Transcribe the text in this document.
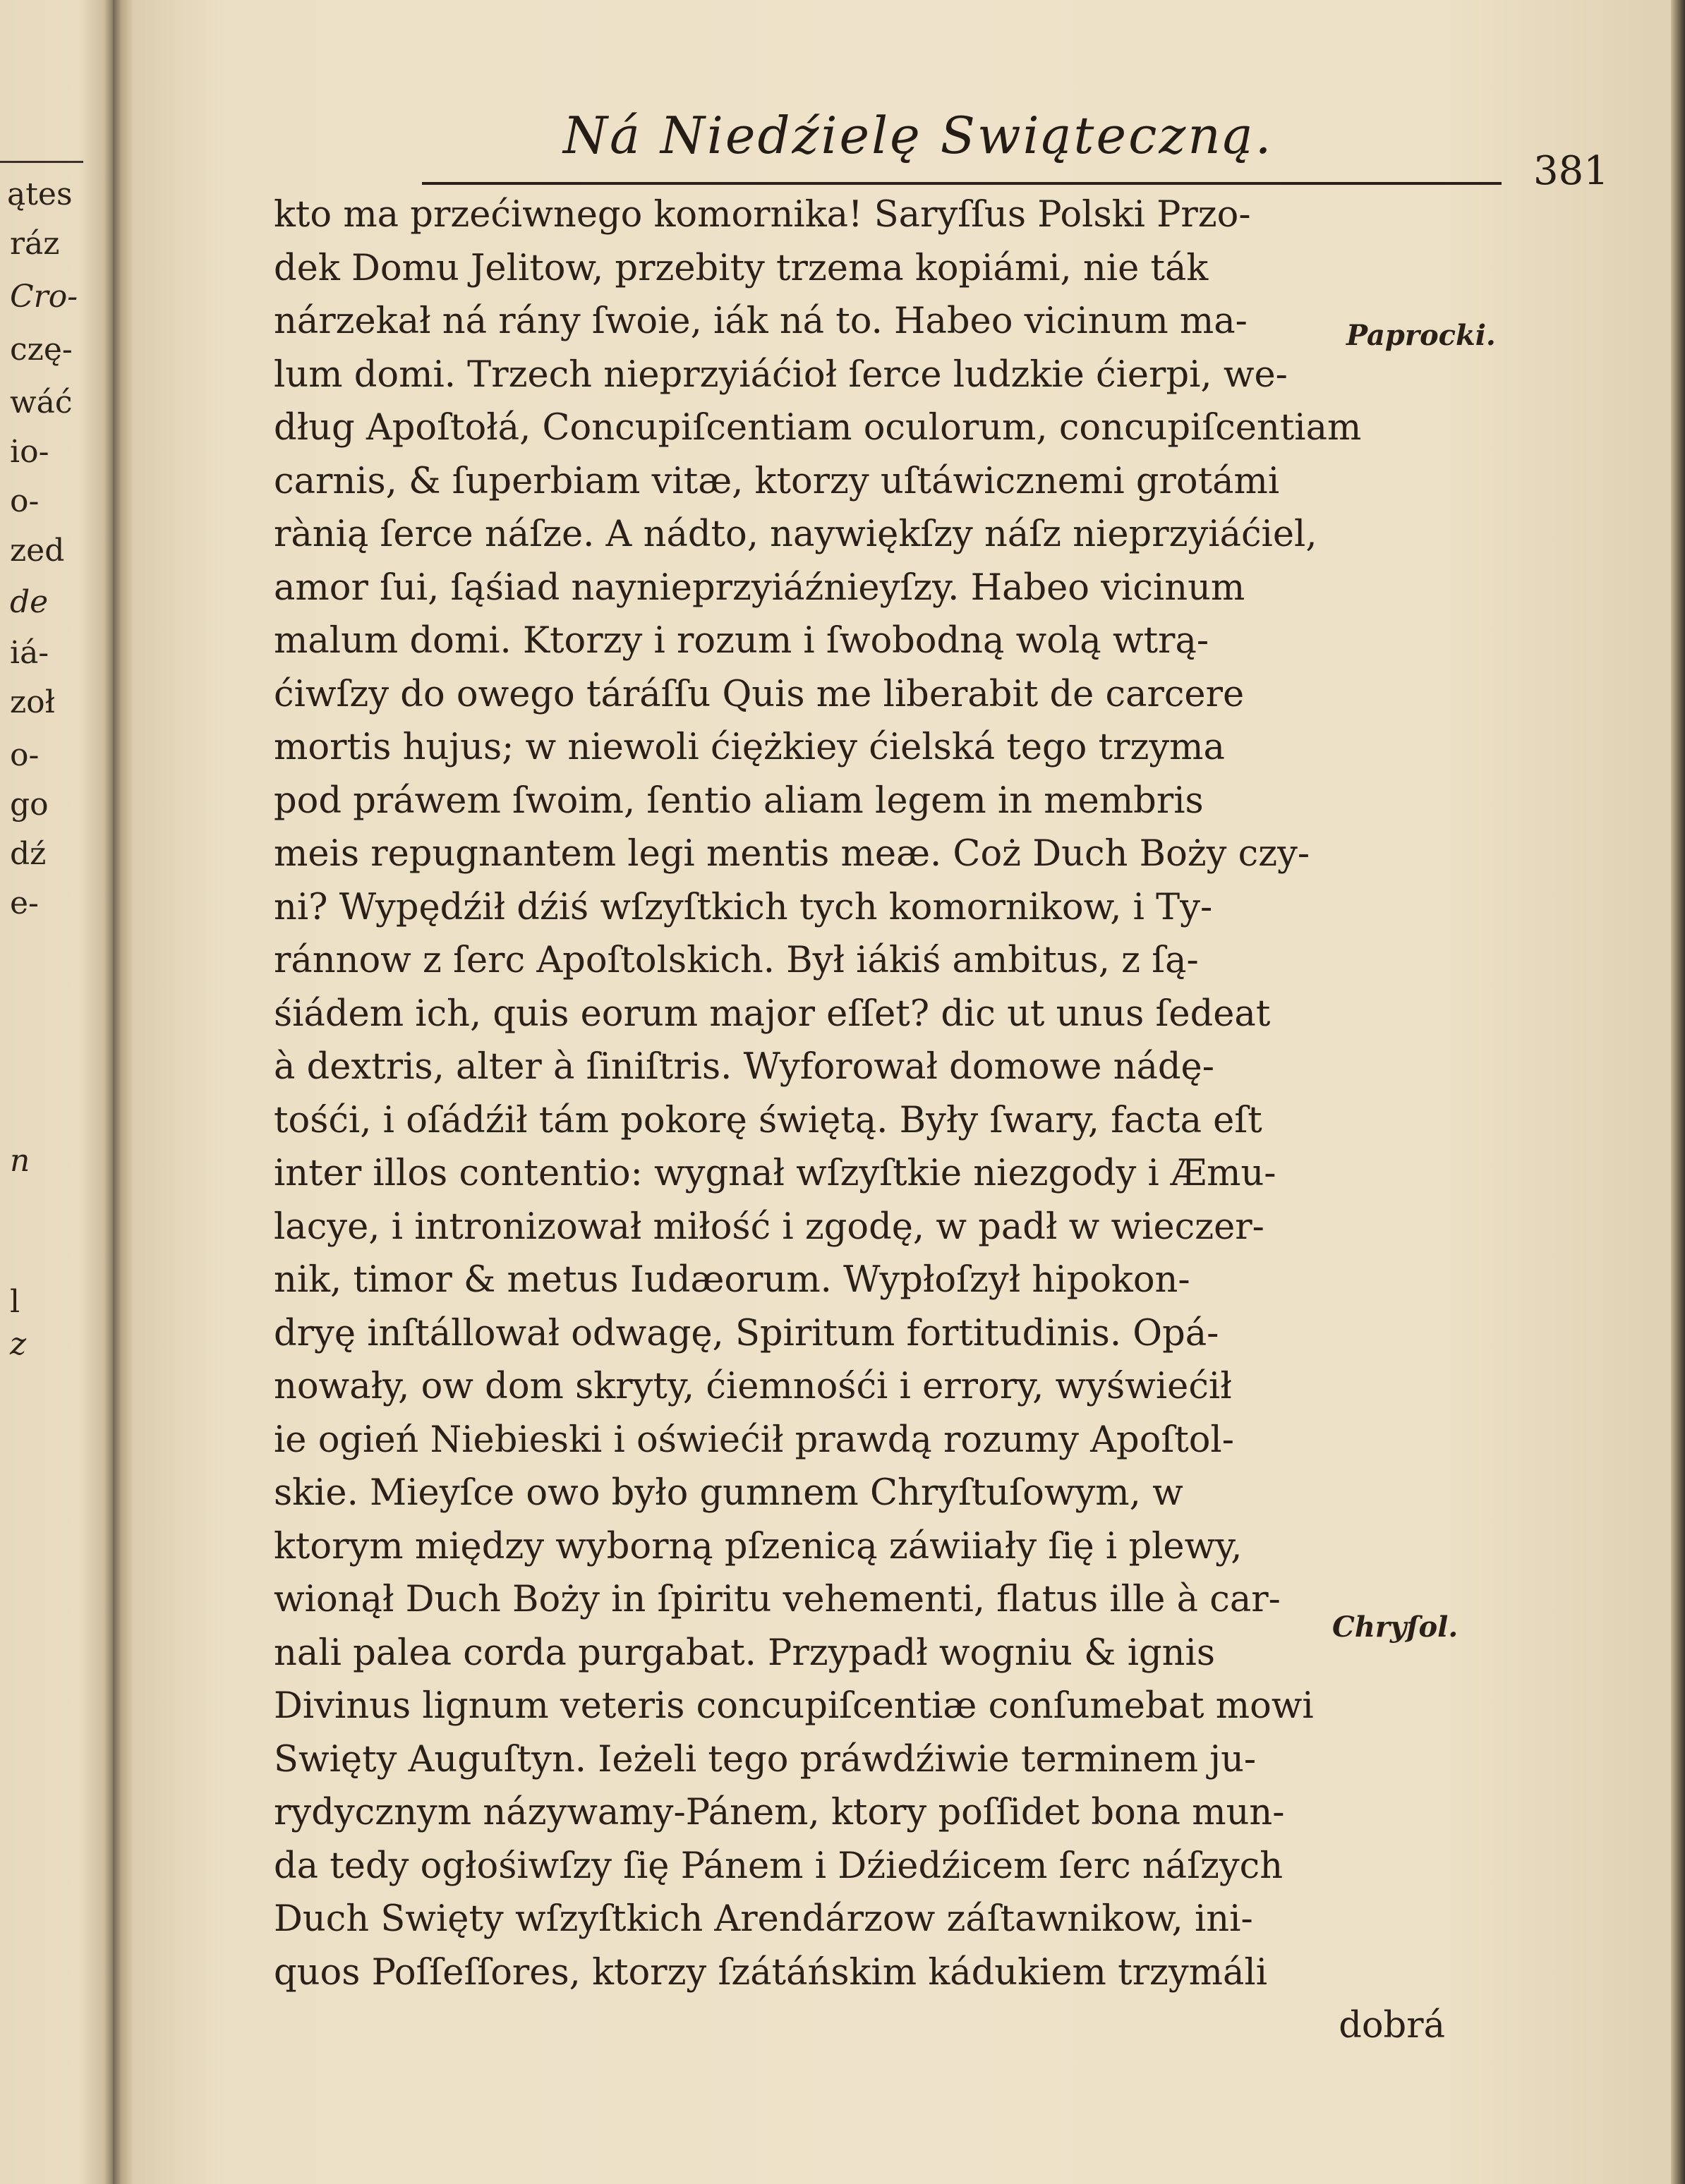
ątes
ráz
Cro-
czę-
wáć
io-
o-
zed
de
iá-
zoł
o-
go
dź
e-
n
l
z
Ná Niedźielę Swiąteczną.
381
kto ma przećiwnego komornika! Saryſſus Polski Przo-
dek Domu Jelitow, przebity trzema kopiámi, nie ták
nárzekał ná rány ſwoie, iák ná to. Habeo vicinum ma-
lum domi. Trzech nieprzyiáćioł ſerce ludzkie ćierpi, we-
dług Apoſtołá, Concupiſcentiam oculorum, concupiſcentiam
carnis, & ſuperbiam vitæ, ktorzy uſtáwicznemi grotámi
rànią ſerce náſze. A nádto, naywiękſzy náſz nieprzyiáćiel,
amor ſui, ſąśiad naynieprzyiáźnieyſzy. Habeo vicinum
malum domi. Ktorzy i rozum i ſwobodną wolą wtrą-
ćiwſzy do owego táráſſu Quis me liberabit de carcere
mortis hujus; w niewoli ćiężkiey ćielská tego trzyma
pod práwem ſwoim, ſentio aliam legem in membris
meis repugnantem legi mentis meæ. Coż Duch Boży czy-
ni? Wypędźił dźiś wſzyſtkich tych komornikow, i Ty-
ránnow z ſerc Apoſtolskich. Był iákiś ambitus, z ſą-
śiádem ich, quis eorum major eſſet? dic ut unus ſedeat
à dextris, alter à ſiniſtris. Wyforował domowe nádę-
tośći, i oſádźił tám pokorę świętą. Były ſwary, facta eſt
inter illos contentio: wygnał wſzyſtkie niezgody i Æmu-
lacye, i intronizował miłość i zgodę, w padł w wieczer-
nik, timor & metus Iudæorum. Wypłoſzył hipokon-
dryę inſtállował odwagę, Spiritum fortitudinis. Opá-
nowały, ow dom skryty, ćiemnośći i errory, wyświećił
ie ogień Niebieski i oświećił prawdą rozumy Apoſtol-
skie. Mieyſce owo było gumnem Chryſtuſowym, w
ktorym między wyborną pſzenicą záwiiały ſię i plewy,
wionął Duch Boży in ſpiritu vehementi, flatus ille à car-
nali palea corda purgabat. Przypadł wogniu & ignis
Divinus lignum veteris concupiſcentiæ conſumebat mowi
Swięty Auguſtyn. Ieżeli tego práwdźiwie terminem ju-
rydycznym názywamy-Pánem, ktory poſſidet bona mun-
da tedy ogłośiwſzy ſię Pánem i Dźiedźicem ſerc náſzych
Duch Swięty wſzyſtkich Arendárzow záſtawnikow, ini-
quos Poſſeſſores, ktorzy ſzátáńskim kádukiem trzymáli
dobrá
Paprocki.
Chryſol.
